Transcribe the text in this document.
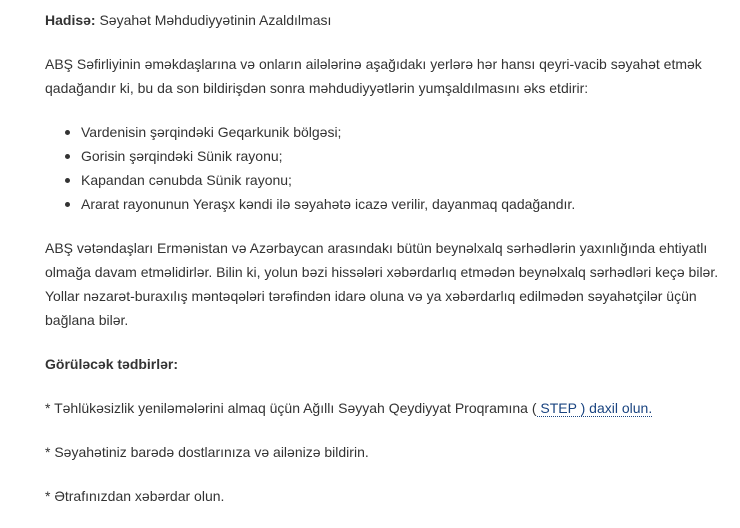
Hadisə: Səyahət Məhdudiyyətinin Azaldılması

ABŞ Səfirliyinin əməkdaşlarına və onların ailələrinə aşağıdakı yerlərə hər hansı qeyri-vacib səyahət etmək qadağandır ki, bu da son bildirişdən sonra məhdudiyyətlərin yumşaldılmasını əks etdirir:

Vardenisin şərqindəki Geqarkunik bölgəsi;
Gorisin şərqindəki Sünik rayonu;
Kapandan cənubda Sünik rayonu;
Ararat rayonunun Yeraşx kəndi ilə səyahətə icazə verilir, dayanmaq qadağandır.

ABŞ vətəndaşları Ermənistan və Azərbaycan arasındakı bütün beynəlxalq sərhədlərin yaxınlığında ehtiyatlı olmağa davam etməlidirlər. Bilin ki, yolun bəzi hissələri xəbərdarlıq etmədən beynəlxalq sərhədləri keçə bilər. Yollar nəzarət-buraxılış məntəqələri tərəfindən idarə oluna və ya xəbərdarlıq edilmədən səyahətçilər üçün bağlana bilər.

Görüləcək tədbirlər:

* Təhlükəsizlik yeniləmələrini almaq üçün Ağıllı Səyyah Qeydiyyat Proqramına ( STEP ) daxil olun.

* Səyahətiniz barədə dostlarınıza və ailənizə bildirin.

* Ətrafınızdan xəbərdar olun.
